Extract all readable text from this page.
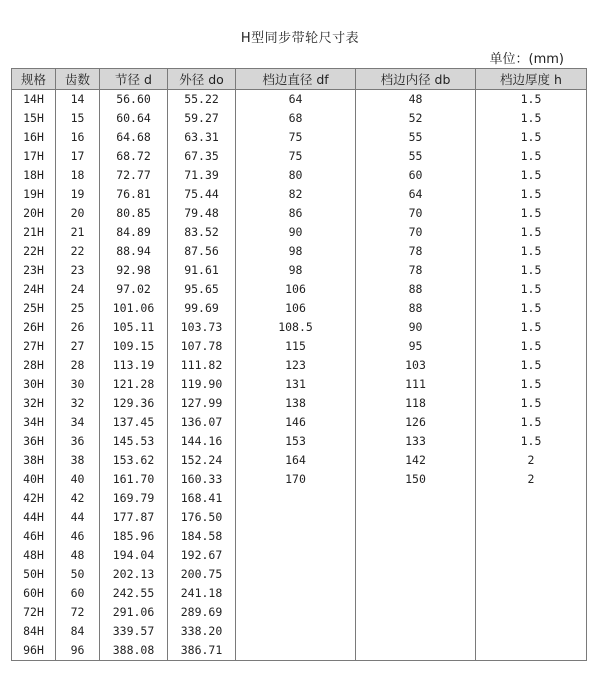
H型同步带轮尺寸表
单位：(mm)
规格	齿数	节径 d	外径 do	档边直径 df	档边内径 db	档边厚度 h
14H	14	56.60	55.22	64	48	1.5
15H	15	60.64	59.27	68	52	1.5
16H	16	64.68	63.31	75	55	1.5
17H	17	68.72	67.35	75	55	1.5
18H	18	72.77	71.39	80	60	1.5
19H	19	76.81	75.44	82	64	1.5
20H	20	80.85	79.48	86	70	1.5
21H	21	84.89	83.52	90	70	1.5
22H	22	88.94	87.56	98	78	1.5
23H	23	92.98	91.61	98	78	1.5
24H	24	97.02	95.65	106	88	1.5
25H	25	101.06	99.69	106	88	1.5
26H	26	105.11	103.73	108.5	90	1.5
27H	27	109.15	107.78	115	95	1.5
28H	28	113.19	111.82	123	103	1.5
30H	30	121.28	119.90	131	111	1.5
32H	32	129.36	127.99	138	118	1.5
34H	34	137.45	136.07	146	126	1.5
36H	36	145.53	144.16	153	133	1.5
38H	38	153.62	152.24	164	142	2
40H	40	161.70	160.33	170	150	2
42H	42	169.79	168.41			
44H	44	177.87	176.50			
46H	46	185.96	184.58			
48H	48	194.04	192.67			
50H	50	202.13	200.75			
60H	60	242.55	241.18			
72H	72	291.06	289.69			
84H	84	339.57	338.20			
96H	96	388.08	386.71			
